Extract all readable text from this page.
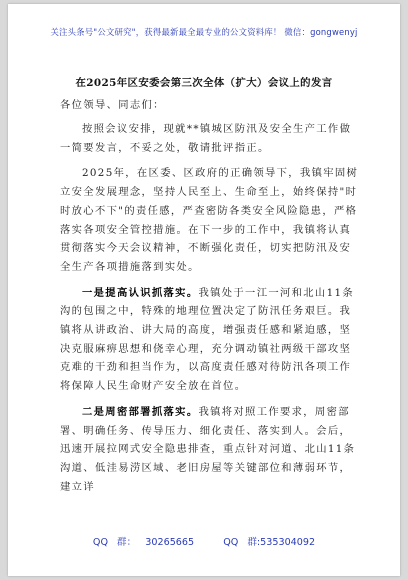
关注头条号"公文研究"，获得最新最全最专业的公文资料库！ 微信：gongwenyj
在2025年区安委会第三次全体（扩大）会议上的发言

各位领导、同志们：

按照会议安排，现就**镇城区防汛及安全生产工作做一简要发言，不妥之处，敬请批评指正。

2025年，在区委、区政府的正确领导下，我镇牢固树立安全发展理念，坚持人民至上、生命至上，始终保持"时时放心不下"的责任感，严查密防各类安全风险隐患，严格落实各项安全管控措施。在下一步的工作中，我镇将认真贯彻落实今天会议精神，不断强化责任，切实把防汛及安全生产各项措施落到实处。

一是提高认识抓落实。我镇处于一江一河和北山11条沟的包围之中，特殊的地理位置决定了防汛任务艰巨。我镇将从讲政治、讲大局的高度，增强责任感和紧迫感，坚决克服麻痹思想和侥幸心理，充分调动镇社两级干部攻坚克难的干劲和担当作为，以高度责任感对待防汛各项工作将保障人民生命财产安全放在首位。

二是周密部署抓落实。我镇将对照工作要求，周密部署、明确任务、传导压力、细化责任、落实到人。会后，迅速开展拉网式安全隐患排查，重点针对河道、北山11条沟道、低洼易涝区域、老旧房屋等关键部位和薄弱环节，建立详

QQ 群： 30265665	QQ 群:535304092
